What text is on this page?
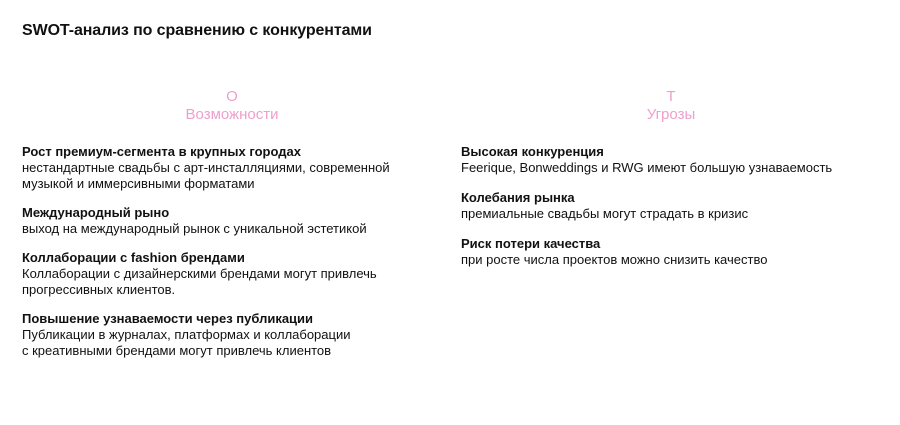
SWOT-анализ по сравнению с конкурентами
O
Возможности
Рост премиум-сегмента в крупных городах
нестандартные свадьбы с арт-инсталляциями, современной
музыкой и иммерсивными форматами
Международный рыно
выход на международный рынок с уникальной эстетикой
Коллаборации с fashion брендами
Коллаборации с дизайнерскими брендами могут привлечь
прогрессивных клиентов.
Повышение узнаваемости через публикации
Публикации в журналах, платформах и коллаборации
с креативными брендами могут привлечь клиентов
T
Угрозы
Высокая конкуренция
Feerique, Bonweddings и RWG имеют большую узнаваемость
Колебания рынка
премиальные свадьбы могут страдать в кризис
Риск потери качества
при росте числа проектов можно снизить качество
